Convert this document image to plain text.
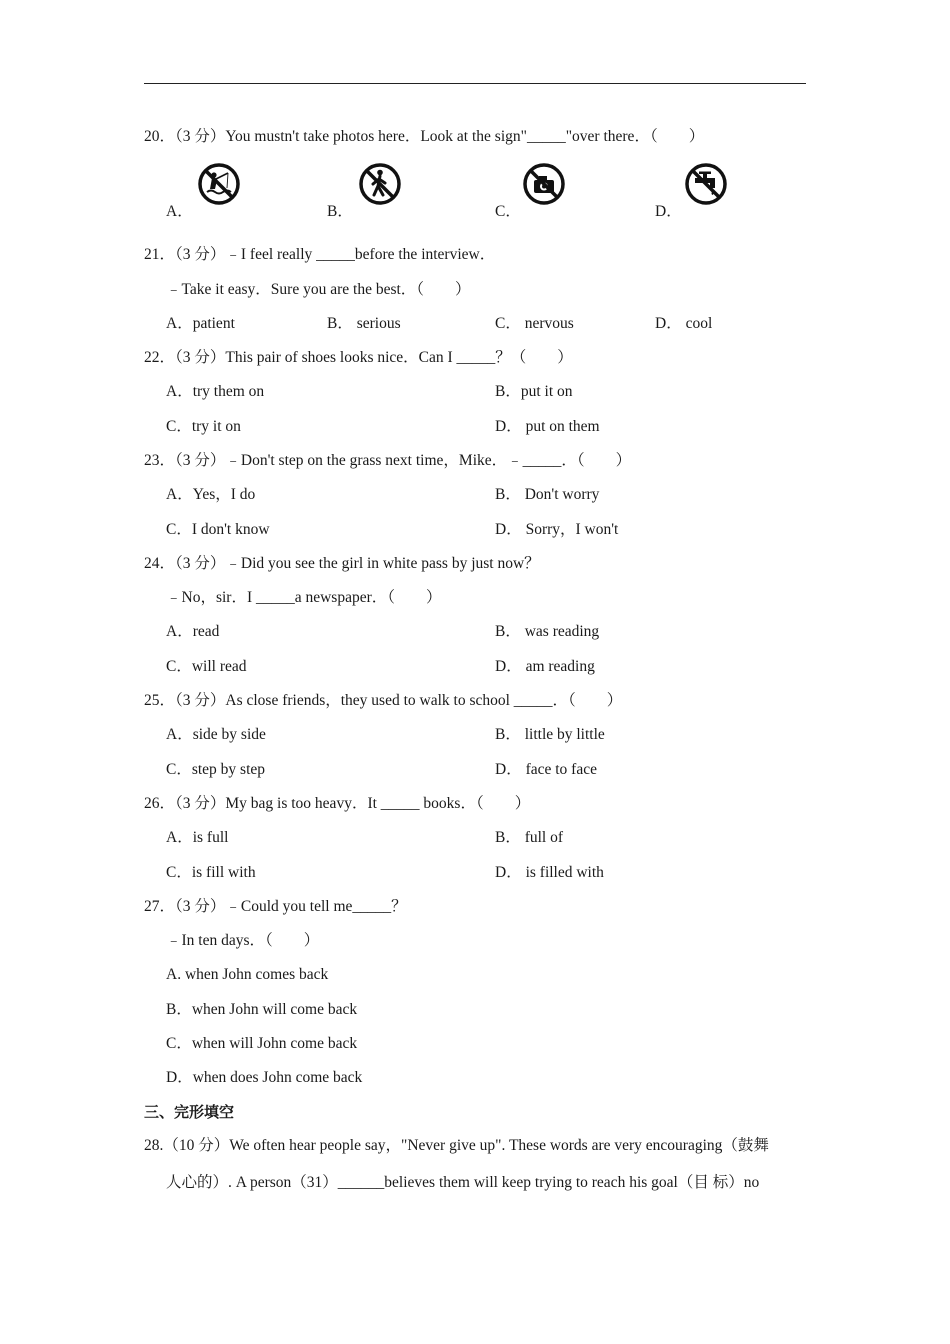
20．（3 分）You mustn't take photos here．Look at the sign"_____"over there．（　　）
A．	B．	C．	D．
21．（3 分）﹣I feel really _____before the interview．
﹣Take it easy．Sure you are the best．（　　）
A．patient	B． serious	C． nervous	D． cool
22．（3 分）This pair of shoes looks nice．Can I _____？（　　）
A．try them on	B．put it on
C．try it on	D． put on them
23．（3 分）﹣Don't step on the grass next time，Mike．﹣_____．（　　）
A．Yes，I do	B． Don't worry
C．I don't know	D． Sorry，I won't
24．（3 分）﹣Did you see the girl in white pass by just now？
﹣No，sir．I _____a newspaper．（　　）
A．read	B． was reading
C．will read	D． am reading
25．（3 分）As close friends，they used to walk to school _____．（　　）
A．side by side	B． little by little
C．step by step	D． face to face
26．（3 分）My bag is too heavy．It _____ books．（　　）
A．is full	B． full of
C．is fill with	D． is filled with
27．（3 分）﹣Could you tell me_____？
﹣In ten days．（　　）
A. when John comes back
B．when John will come back
C．when will John come back
D．when does John come back
三、完形填空
28.（10 分）We often hear people say，"Never give up". These words are very encouraging（鼓舞
人心的）. A person（31）______believes them will keep trying to reach his goal（目 标）no
